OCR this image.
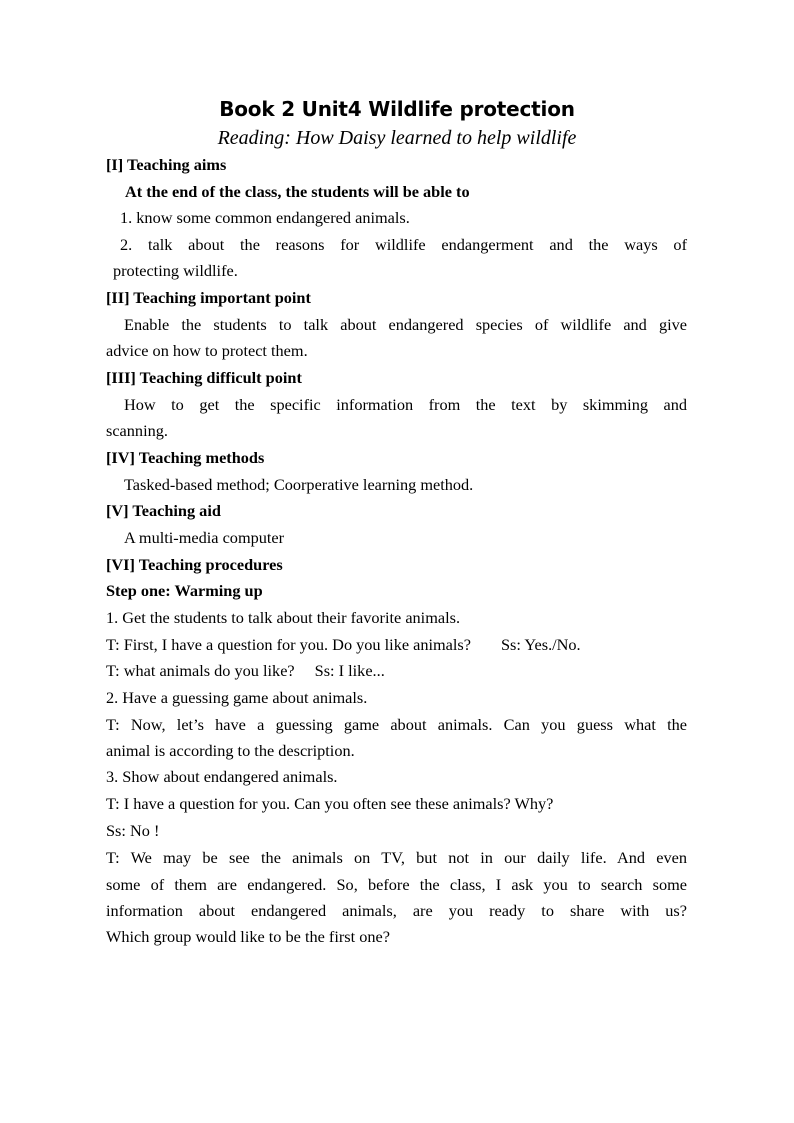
Book 2 Unit4 Wildlife protection
Reading: How Daisy learned to help wildlife
[I] Teaching aims
At the end of the class, the students will be able to
1. know some common endangered animals.
2. talk about the reasons for wildlife endangerment and the ways of
protecting wildlife.
[II] Teaching important point
Enable the students to talk about endangered species of wildlife and give
advice on how to protect them.
[III] Teaching difficult point
How to get the specific information from the text by skimming and
scanning.
[IV] Teaching methods
Tasked-based method; Coorperative learning method.
[V] Teaching aid
A multi-media computer
[VI] Teaching procedures
Step one: Warming up
1. Get the students to talk about their favorite animals.
T: First, I have a question for you. Do you like animals? Ss: Yes./No.
T: what animals do you like? Ss: I like...
2. Have a guessing game about animals.
T: Now, let’s have a guessing game about animals. Can you guess what the
animal is according to the description.
3. Show about endangered animals.
T: I have a question for you. Can you often see these animals? Why?
Ss: No !
T: We may be see the animals on TV, but not in our daily life. And even
some of them are endangered. So, before the class, I ask you to search some
information about endangered animals, are you ready to share with us?
Which group would like to be the first one?
